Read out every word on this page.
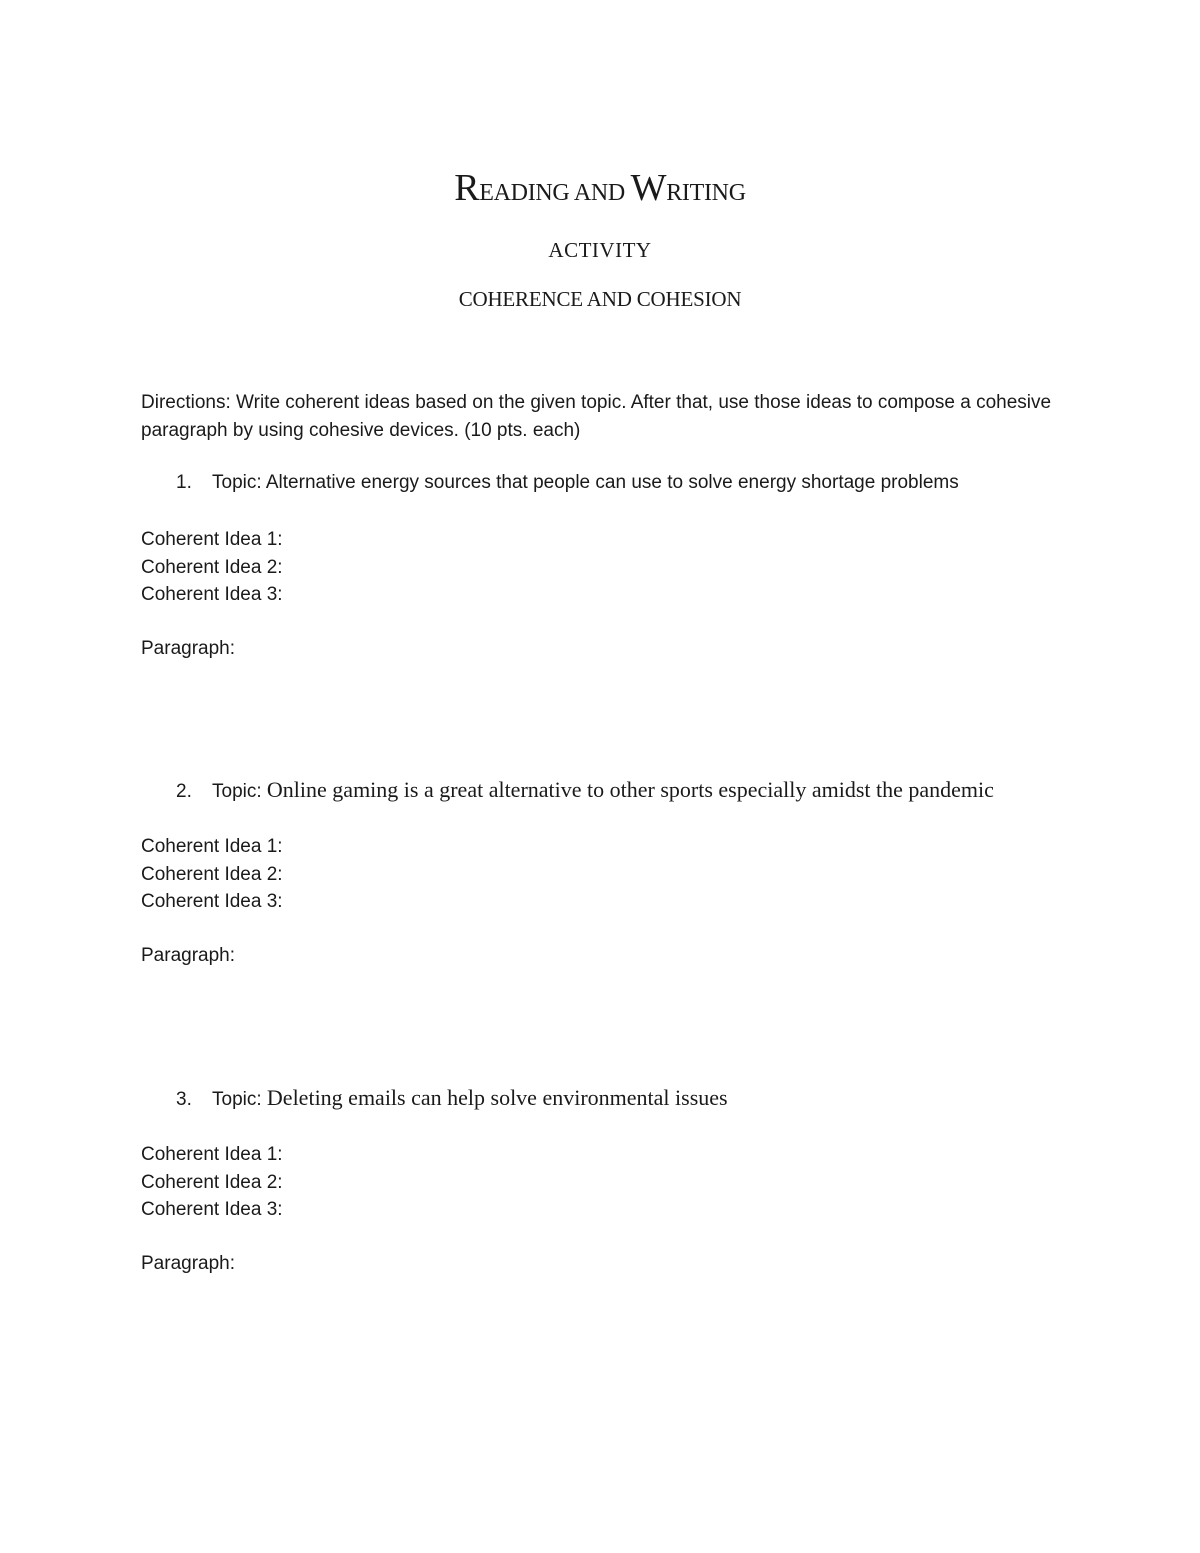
READING AND WRITING
ACTIVITY
COHERENCE AND COHESION
Directions: Write coherent ideas based on the given topic. After that, use those ideas to compose a cohesive paragraph by using cohesive devices. (10 pts. each)
1. Topic: Alternative energy sources that people can use to solve energy shortage problems
Coherent Idea 1:
Coherent Idea 2:
Coherent Idea 3:
Paragraph:
2. Topic: Online gaming is a great alternative to other sports especially amidst the pandemic
Coherent Idea 1:
Coherent Idea 2:
Coherent Idea 3:
Paragraph:
3. Topic: Deleting emails can help solve environmental issues
Coherent Idea 1:
Coherent Idea 2:
Coherent Idea 3:
Paragraph:
